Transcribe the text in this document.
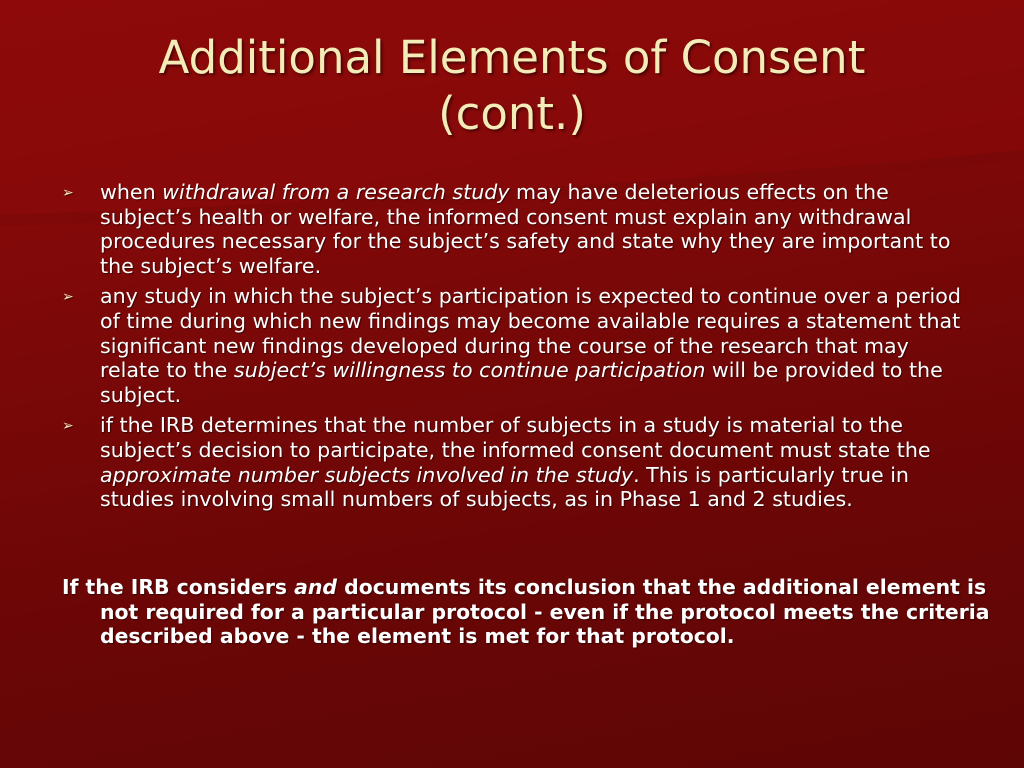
Additional Elements of Consent
(cont.)
➢ when withdrawal from a research study may have deleterious effects on the subject’s health or welfare, the informed consent must explain any withdrawal procedures necessary for the subject’s safety and state why they are important to the subject’s welfare.
➢ any study in which the subject’s participation is expected to continue over a period of time during which new findings may become available requires a statement that significant new findings developed during the course of the research that may relate to the subject’s willingness to continue participation will be provided to the subject.
➢ if the IRB determines that the number of subjects in a study is material to the subject’s decision to participate, the informed consent document must state the approximate number subjects involved in the study. This is particularly true in studies involving small numbers of subjects, as in Phase 1 and 2 studies.

If the IRB considers and documents its conclusion that the additional element is not required for a particular protocol - even if the protocol meets the criteria described above - the element is met for that protocol.
